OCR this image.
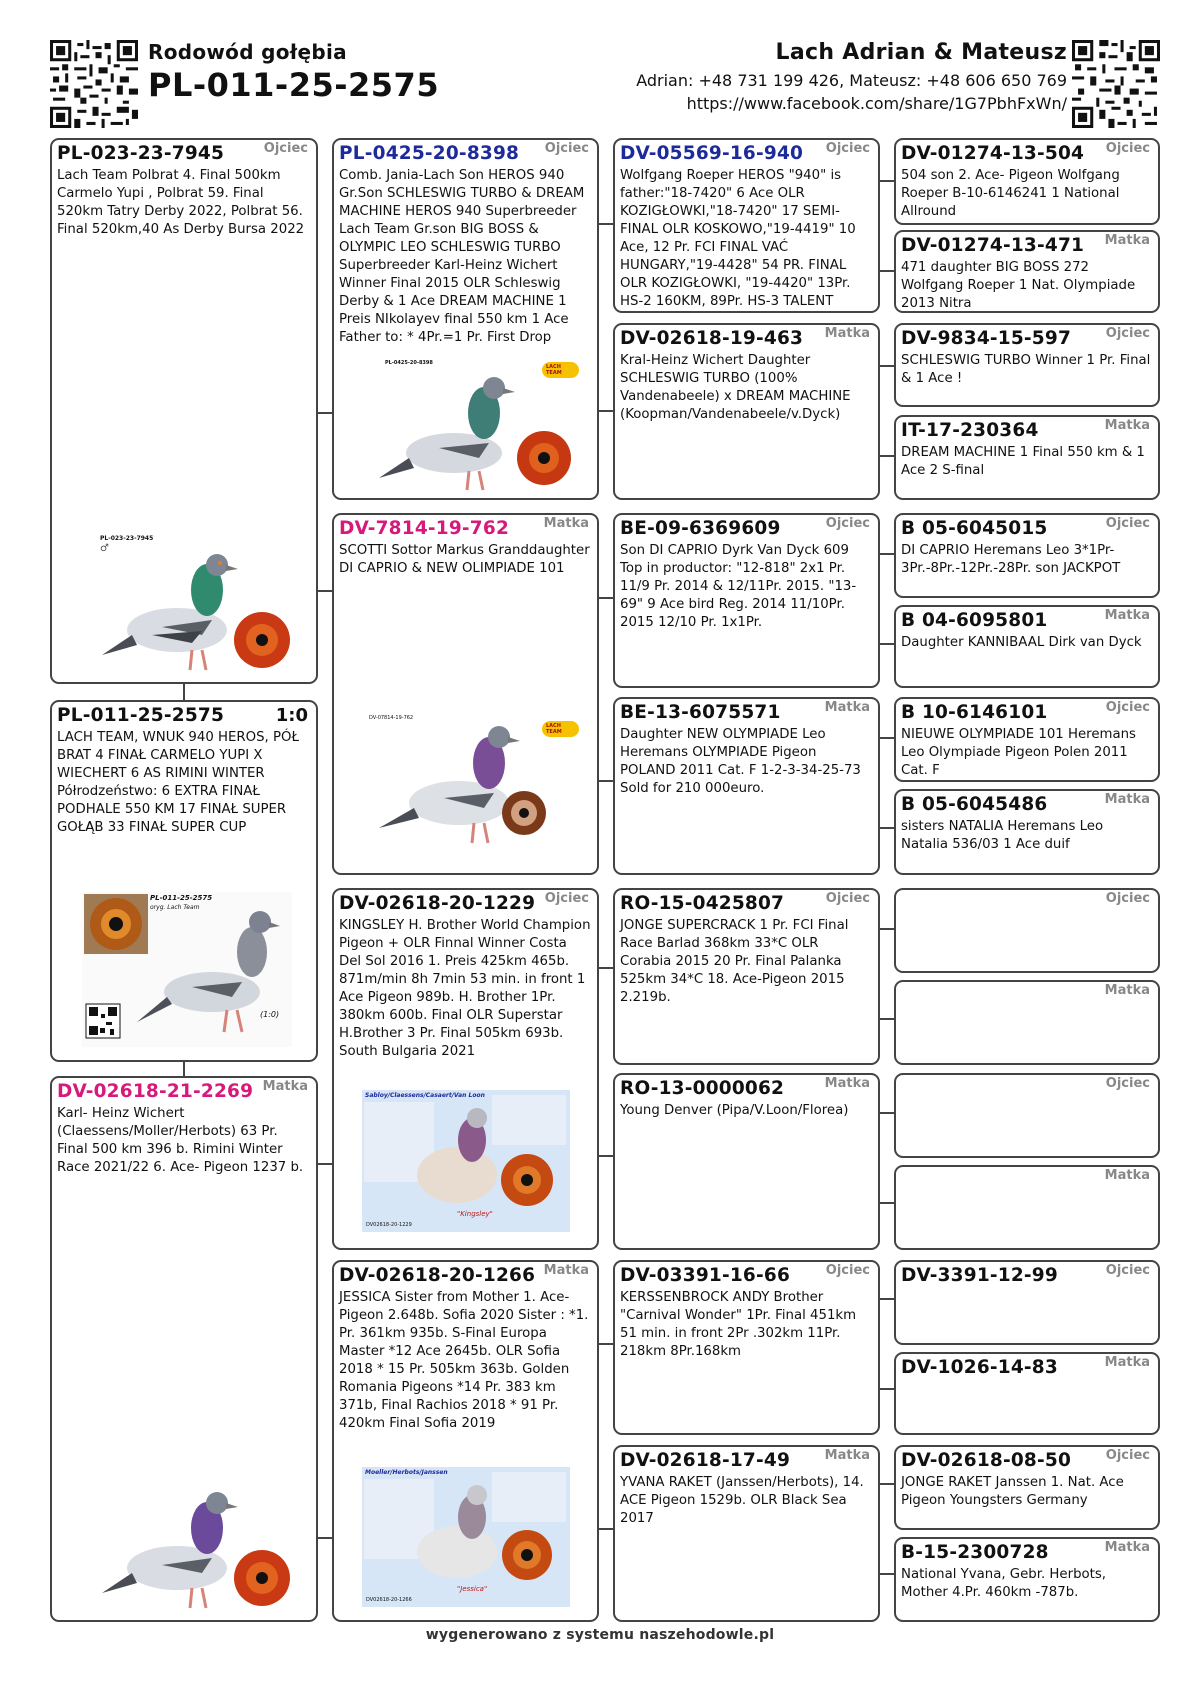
Rodowód gołębia
PL-011-25-2575
Lach Adrian & Mateusz
Adrian: +48 731 199 426, Mateusz: +48 606 650 769
https://www.facebook.com/share/1G7PbhFxWn/
PL-023-23-7945	Ojciec
Lach Team Polbrat 4. Final 500km Carmelo Yupi , Polbrat 59. Final 520km Tatry Derby 2022, Polbrat 56. Final 520km,40 As Derby Bursa 2022
PL-023-23-7945
♂
PL-011-25-2575	1:0
LACH TEAM, WNUK 940 HEROS, PÓŁ BRAT 4 FINAŁ CARMELO YUPI X WIECHERT 6 AS RIMINI WINTER Półrodzeństwo: 6 EXTRA FINAŁ PODHALE 550 KM 17 FINAŁ SUPER GOŁĄB 33 FINAŁ SUPER CUP
PL-011-25-2575
oryg. Lach Team
(1:0)
DV-02618-21-2269 Matka
Karl- Heinz Wichert (Claessens/Moller/Herbots) 63 Pr. Final 500 km 396 b. Rimini Winter Race 2021/22 6. Ace- Pigeon 1237 b.
PL-0425-20-8398	Ojciec
Comb. Jania-Lach Son HEROS 940 Gr.Son SCHLESWIG TURBO & DREAM MACHINE HEROS 940 Superbreeder Lach Team Gr.son BIG BOSS & OLYMPIC LEO SCHLESWIG TURBO Superbreeder Karl-Heinz Wichert Winner Final 2015 OLR Schleswig Derby & 1 Ace DREAM MACHINE 1 Preis NIkolayev final 550 km 1 Ace Father to: * 4Pr.=1 Pr. First Drop
PL-0425-20-8398
LACH TEAM
DV-7814-19-762	Matka
SCOTTI Sottor Markus Granddaughter DI CAPRIO & NEW OLIMPIADE 101
DV-07814-19-762
LACH TEAM
DV-02618-20-1229 Ojciec
KINGSLEY H. Brother World Champion Pigeon + OLR Finnal Winner Costa Del Sol 2016 1. Preis 425km 465b. 871m/min 8h 7min 53 min. in front 1 Ace Pigeon 989b. H. Brother 1Pr. 380km 600b. Final OLR Superstar H.Brother 3 Pr. Final 505km 693b. South Bulgaria 2021
Sabloy/Claessens/Casaert/Van Loon
"Kingsley"
DV02618-20-1229
DV-02618-20-1266 Matka
JESSICA Sister from Mother 1. Ace-Pigeon 2.648b. Sofia 2020 Sister : *1. Pr. 361km 935b. S-Final Europa Master *12 Ace 2645b. OLR Sofia 2018 * 15 Pr. 505km 363b. Golden Romania Pigeons *14 Pr. 383 km 371b, Final Rachios 2018 * 91 Pr. 420km Final Sofia 2019
Moeller/Herbots/Janssen
"Jessica"
DV02618-20-1266
DV-05569-16-940	Ojciec
Wolfgang Roeper HEROS "940" is father:"18-7420" 6 Ace OLR KOZIGŁOWKI,"18-7420" 17 SEMI-FINAL OLR KOSKOWO,"19-4419" 10 Ace, 12 Pr. FCI FINAL VAĆ HUNGARY,"19-4428" 54 PR. FINAL OLR KOZIGŁOWKI, "19-4420" 13Pr. HS-2 160KM, 89Pr. HS-3 TALENT
DV-02618-19-463	Matka
Kral-Heinz Wichert Daughter SCHLESWIG TURBO (100% Vandenabeele) x DREAM MACHINE (Koopman/Vandenabeele/v.Dyck)
BE-09-6369609	Ojciec
Son DI CAPRIO Dyrk Van Dyck 609 Top in productor: "12-818" 2x1 Pr. 11/9 Pr. 2014 & 12/11Pr. 2015. "13-69" 9 Ace bird Reg. 2014 11/10Pr. 2015 12/10 Pr. 1x1Pr.
BE-13-6075571	Matka
Daughter NEW OLYMPIADE Leo Heremans OLYMPIADE Pigeon POLAND 2011 Cat. F 1-2-3-34-25-73 Sold for 210 000euro.
RO-15-0425807	Ojciec
JONGE SUPERCRACK 1 Pr. FCI Final Race Barlad 368km 33*C OLR Corabia 2015 20 Pr. Final Palanka 525km 34*C 18. Ace-Pigeon 2015 2.219b.
RO-13-0000062	Matka
Young Denver (Pipa/V.Loon/Florea)
DV-03391-16-66	Ojciec
KERSSENBROCK ANDY Brother "Carnival Wonder" 1Pr. Final 451km 51 min. in front 2Pr .302km 11Pr. 218km 8Pr.168km
DV-02618-17-49	Matka
YVANA RAKET (Janssen/Herbots), 14. ACE Pigeon 1529b. OLR Black Sea 2017
DV-01274-13-504	Ojciec
504 son 2. Ace- Pigeon Wolfgang Roeper B-10-6146241 1 National Allround
DV-01274-13-471	Matka
471 daughter BIG BOSS 272 Wolfgang Roeper 1 Nat. Olympiade 2013 Nitra
DV-9834-15-597	Ojciec
SCHLESWIG TURBO Winner 1 Pr. Final & 1 Ace !
IT-17-230364	Matka
DREAM MACHINE 1 Final 550 km & 1 Ace 2 S-final
B 05-6045015	Ojciec
DI CAPRIO Heremans Leo 3*1Pr-3Pr.-8Pr.-12Pr.-28Pr. son JACKPOT
B 04-6095801	Matka
Daughter KANNIBAAL Dirk van Dyck
B 10-6146101	Ojciec
NIEUWE OLYMPIADE 101 Heremans Leo Olympiade Pigeon Polen 2011 Cat. F
B 05-6045486	Matka
sisters NATALIA Heremans Leo Natalia 536/03 1 Ace duif
Ojciec
Matka
Ojciec
Matka
DV-3391-12-99	Ojciec
DV-1026-14-83	Matka
DV-02618-08-50	Ojciec
JONGE RAKET Janssen 1. Nat. Ace Pigeon Youngsters Germany
B-15-2300728	Matka
National Yvana, Gebr. Herbots, Mother 4.Pr. 460km -787b.
wygenerowano z systemu naszehodowle.pl
